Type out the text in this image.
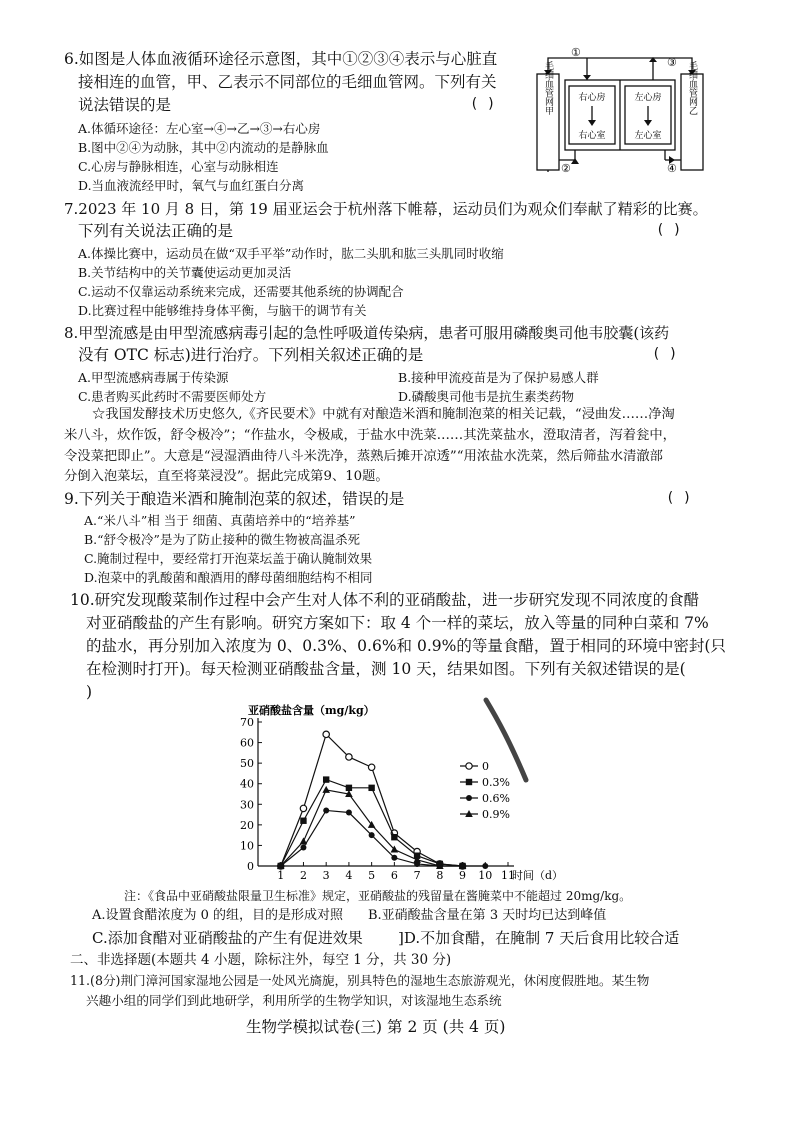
6.如图是人体血液循环途径示意图，其中①②③④表示与心脏直
接相连的血管，甲、乙表示不同部位的毛细血管网。下列有关
说法错误的是	( )
A.体循环途径：左心室→④→乙→③→右心房
B.图中②④为动脉，其中②内流动的是静脉血
C.心房与静脉相连，心室与动脉相连
D.当血液流经甲时，氧气与血红蛋白分离
①
③
②	④
右心房
右心室
左心房
左心室
毛细血管网甲	毛细血管网乙
7.2023 年 10 月 8 日，第 19 届亚运会于杭州落下帷幕，运动员们为观众们奉献了精彩的比赛。
下列有关说法正确的是	( )
A.体操比赛中，运动员在做“双手平举”动作时，肱二头肌和肱三头肌同时收缩
B.关节结构中的关节囊使运动更加灵活
C.运动不仅靠运动系统来完成，还需要其他系统的协调配合
D.比赛过程中能够维持身体平衡，与脑干的调节有关
8.甲型流感是由甲型流感病毒引起的急性呼吸道传染病，患者可服用磷酸奥司他韦胶囊(该药
没有 OTC 标志)进行治疗。下列相关叙述正确的是	( )
A.甲型流感病毒属于传染源	B.接种甲流疫苗是为了保护易感人群
C.患者购买此药时不需要医师处方	D.磷酸奥司他韦是抗生素类药物
☆我国发酵技术历史悠久,《齐民要术》中就有对酿造米酒和腌制泡菜的相关记载，“浸曲发……净淘
米八斗，炊作饭，舒令极冷”；“作盐水，令极咸，于盐水中洗菜……其洗菜盐水，澄取清者，泻着瓮中，
令没菜把即止”。大意是“浸湿酒曲待八斗米洗净，蒸熟后摊开凉透”“用浓盐水洗菜，然后筛盐水清澈部
分倒入泡菜坛，直至将菜浸没”。据此完成第9、10题。
9.下列关于酿造米酒和腌制泡菜的叙述，错误的是	( )
A.“米八斗”相 当于 细菌、真菌培养中的“培养基”
B.“舒令极冷”是为了防止接种的微生物被高温杀死
C.腌制过程中，要经常打开泡菜坛盖于确认腌制效果
D.泡菜中的乳酸菌和酿酒用的酵母菌细胞结构不相同
10.研究发现酸菜制作过程中会产生对人体不利的亚硝酸盐，进一步研究发现不同浓度的食醋
对亚硝酸盐的产生有影响。研究方案如下：取 4 个一样的菜坛，放入等量的同种白菜和 7%
的盐水，再分别加入浓度为 0、0.3%、0.6%和 0.9%的等量食醋，置于相同的环境中密封(只
在检测时打开)。每天检测亚硝酸盐含量，测 10 天，结果如图。下列有关叙述错误的是(
)
亚硝酸盐含量（mg/kg）
0
10
20
30
40
50
60
70
1 2 3 4 5 6 7 8 9 10 11
时间（d）
0
0.3%
0.6%
0.9%
注：《食品中亚硝酸盐限量卫生标准》规定，亚硝酸盐的残留量在酱腌菜中不能超过 20mg/kg。
A.设置食醋浓度为 0 的组，目的是形成对照 B.亚硝酸盐含量在第 3 天时均已达到峰值
C.添加食醋对亚硝酸盐的产生有促进效果 ]D.不加食醋，在腌制 7 天后食用比较合适
二、非选择题(本题共 4 小题，除标注外，每空 1 分，共 30 分)
11.(8分)荆门漳河国家湿地公园是一处风光旖旎，别具特色的湿地生态旅游观光，休闲度假胜地。某生物
兴趣小组的同学们到此地研学，利用所学的生物学知识，对该湿地生态系统
生物学模拟试卷(三) 第 2 页 (共 4 页)
